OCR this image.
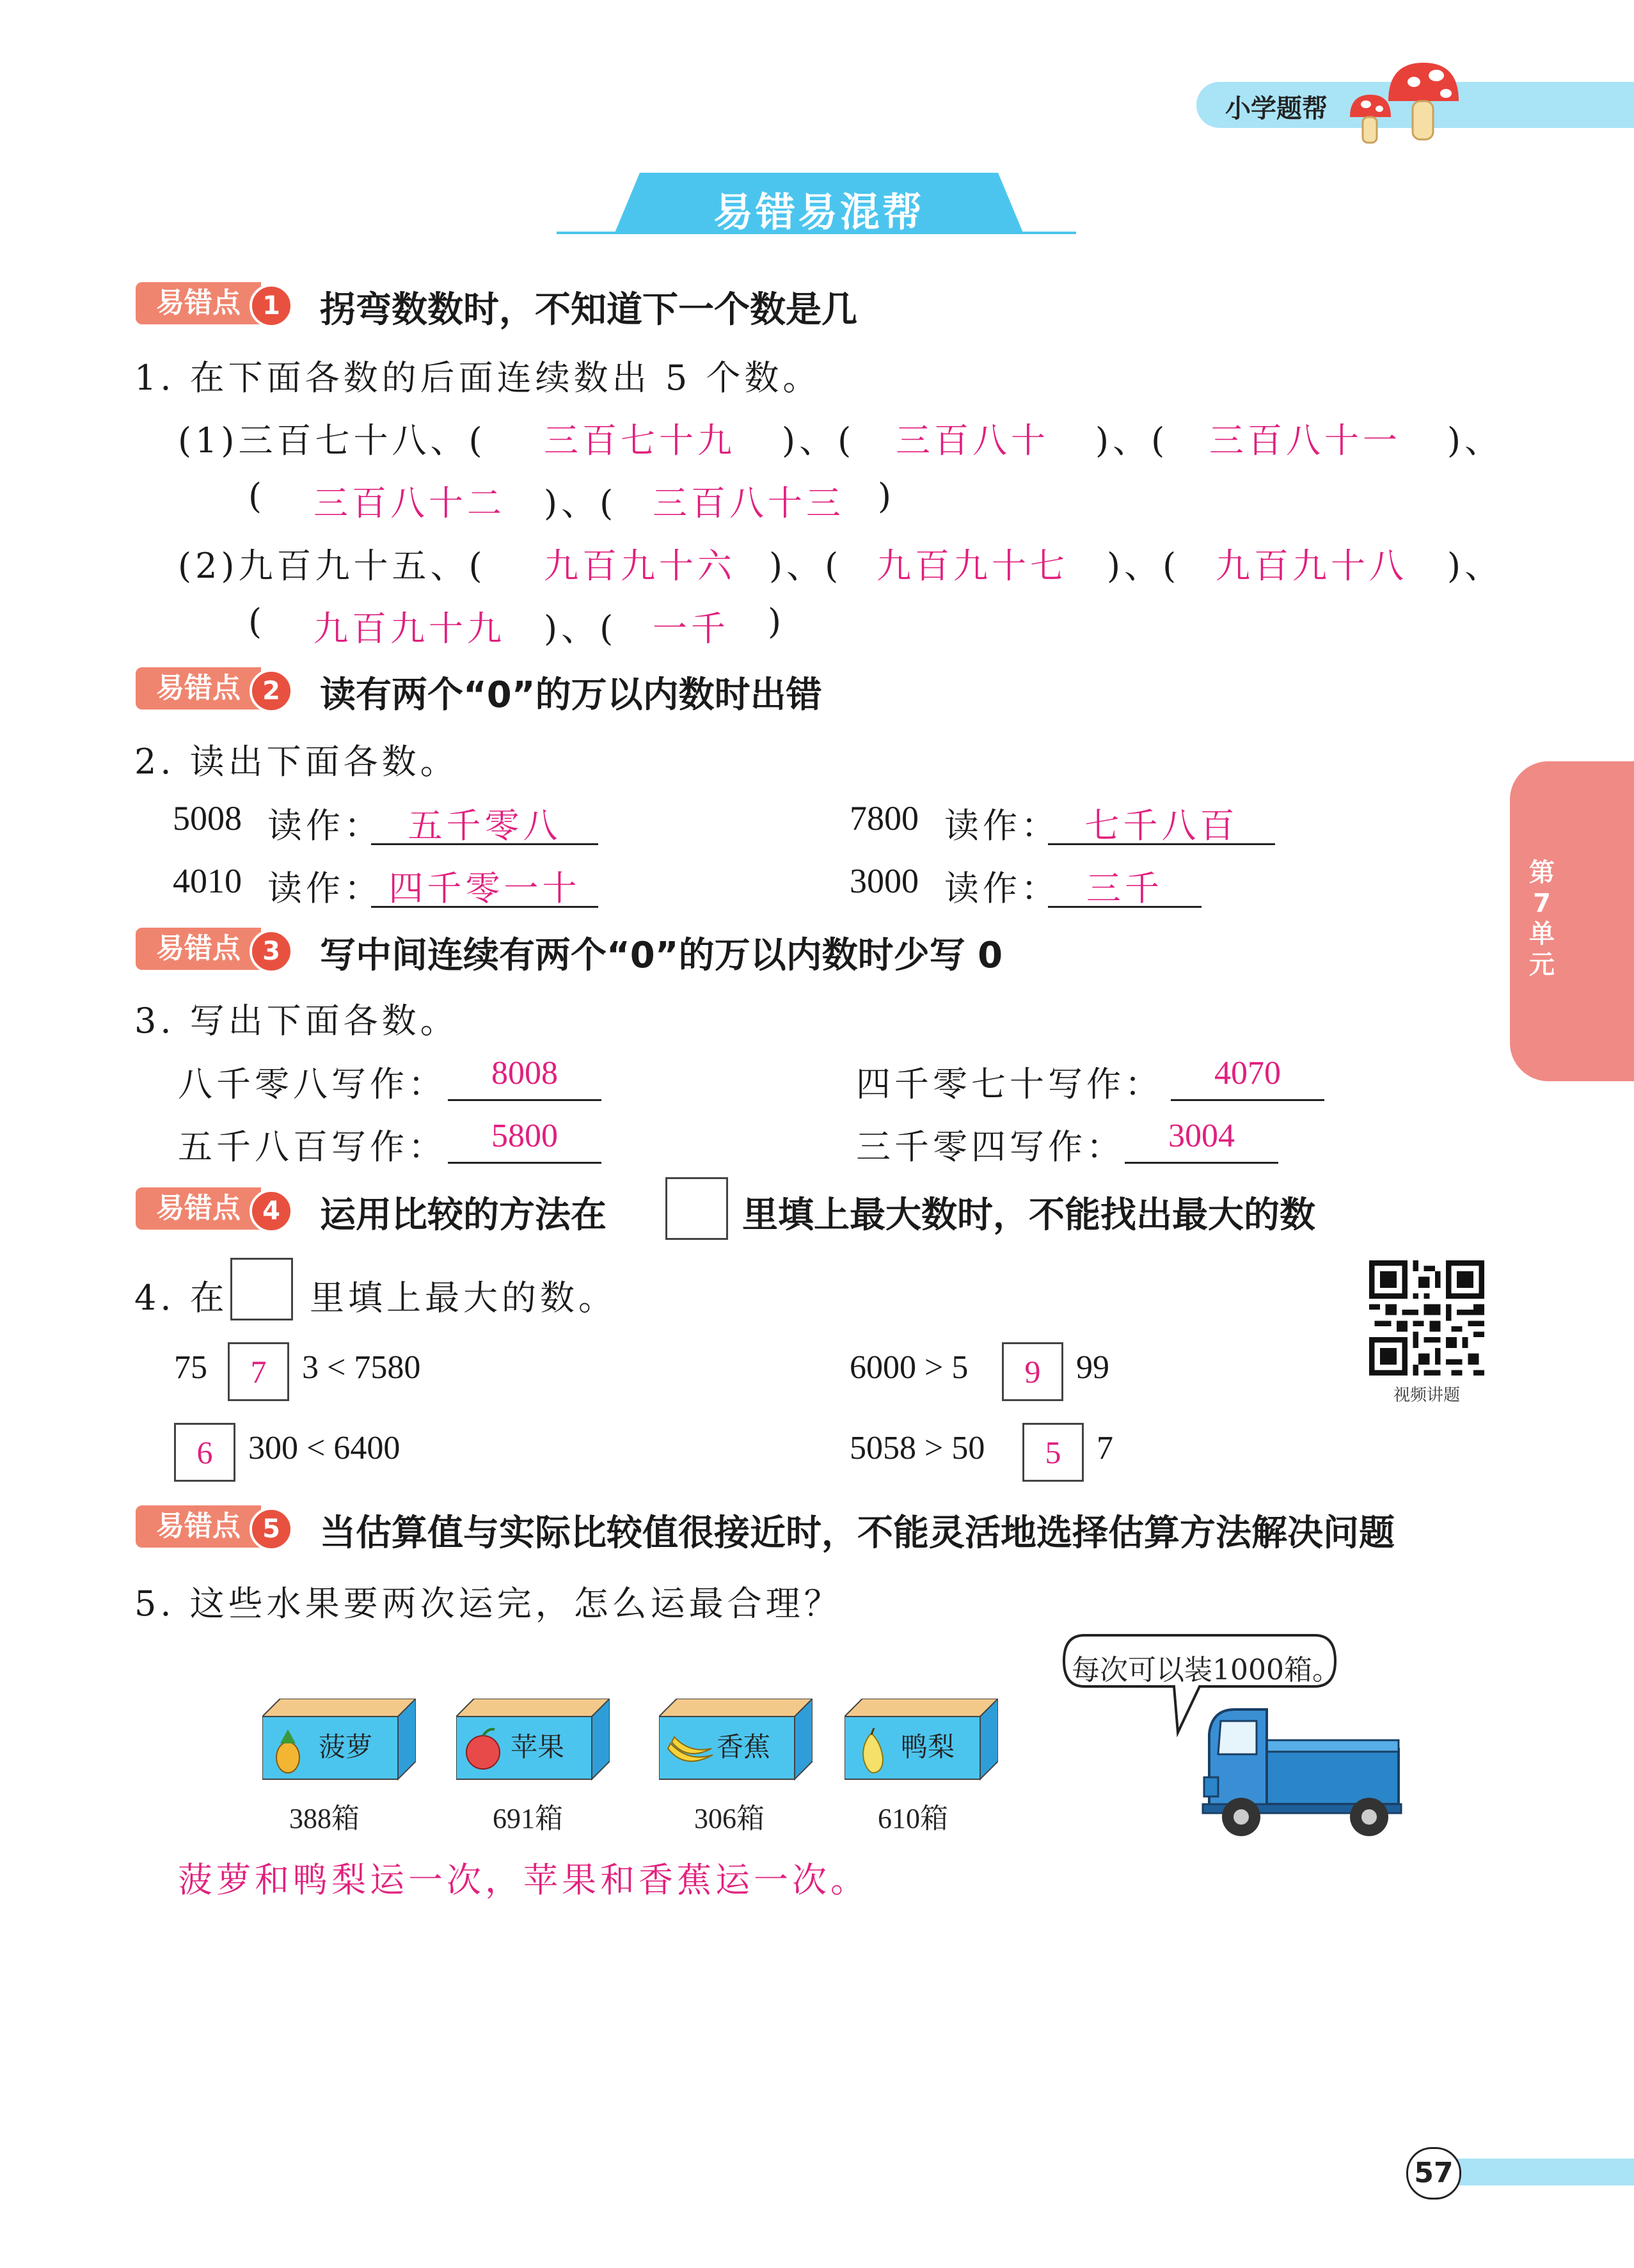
小学题帮
易错易混帮
第
7
单
元
易错点 1	拐弯数数时，不知道下一个数是几
1. 在下面各数的后面连续数出 5 个数。
(1)三百七十八、( 三百七十九 )、( 三百八十 )、( 三百八十一 )、
( 三百八十二 )、( 三百八十三 )
(2)九百九十五、( 九百九十六 )、( 九百九十七 )、( 九百九十八 )、
( 九百九十九 )、( 一千 )
易错点 2	读有两个“0”的万以内数时出错
2. 读出下面各数。
5008 读作： 五千零八	7800 读作： 七千八百
4010 读作： 四千零一十	3000 读作： 三千
易错点 3	写中间连续有两个“0”的万以内数时少写 0
3. 写出下面各数。
八千零八写作：	8008	四千零七十写作：	4070
五千八百写作：	5800	三千零四写作：	3004
易错点 4	运用比较的方法在	里填上最大数时，不能找出最大的数
4. 在 里填上最大的数。
视频讲题
75	7	3 < 7580	6000 > 5	9	99
6	300 < 6400	5058 > 50	5	7
易错点 5	当估算值与实际比较值很接近时，不能灵活地选择估算方法解决问题
5. 这些水果要两次运完，怎么运最合理？
菠萝
388箱
苹果
691箱
香蕉
306箱
鸭梨
610箱
每次可以装1000箱。
菠萝和鸭梨运一次，苹果和香蕉运一次。
57
